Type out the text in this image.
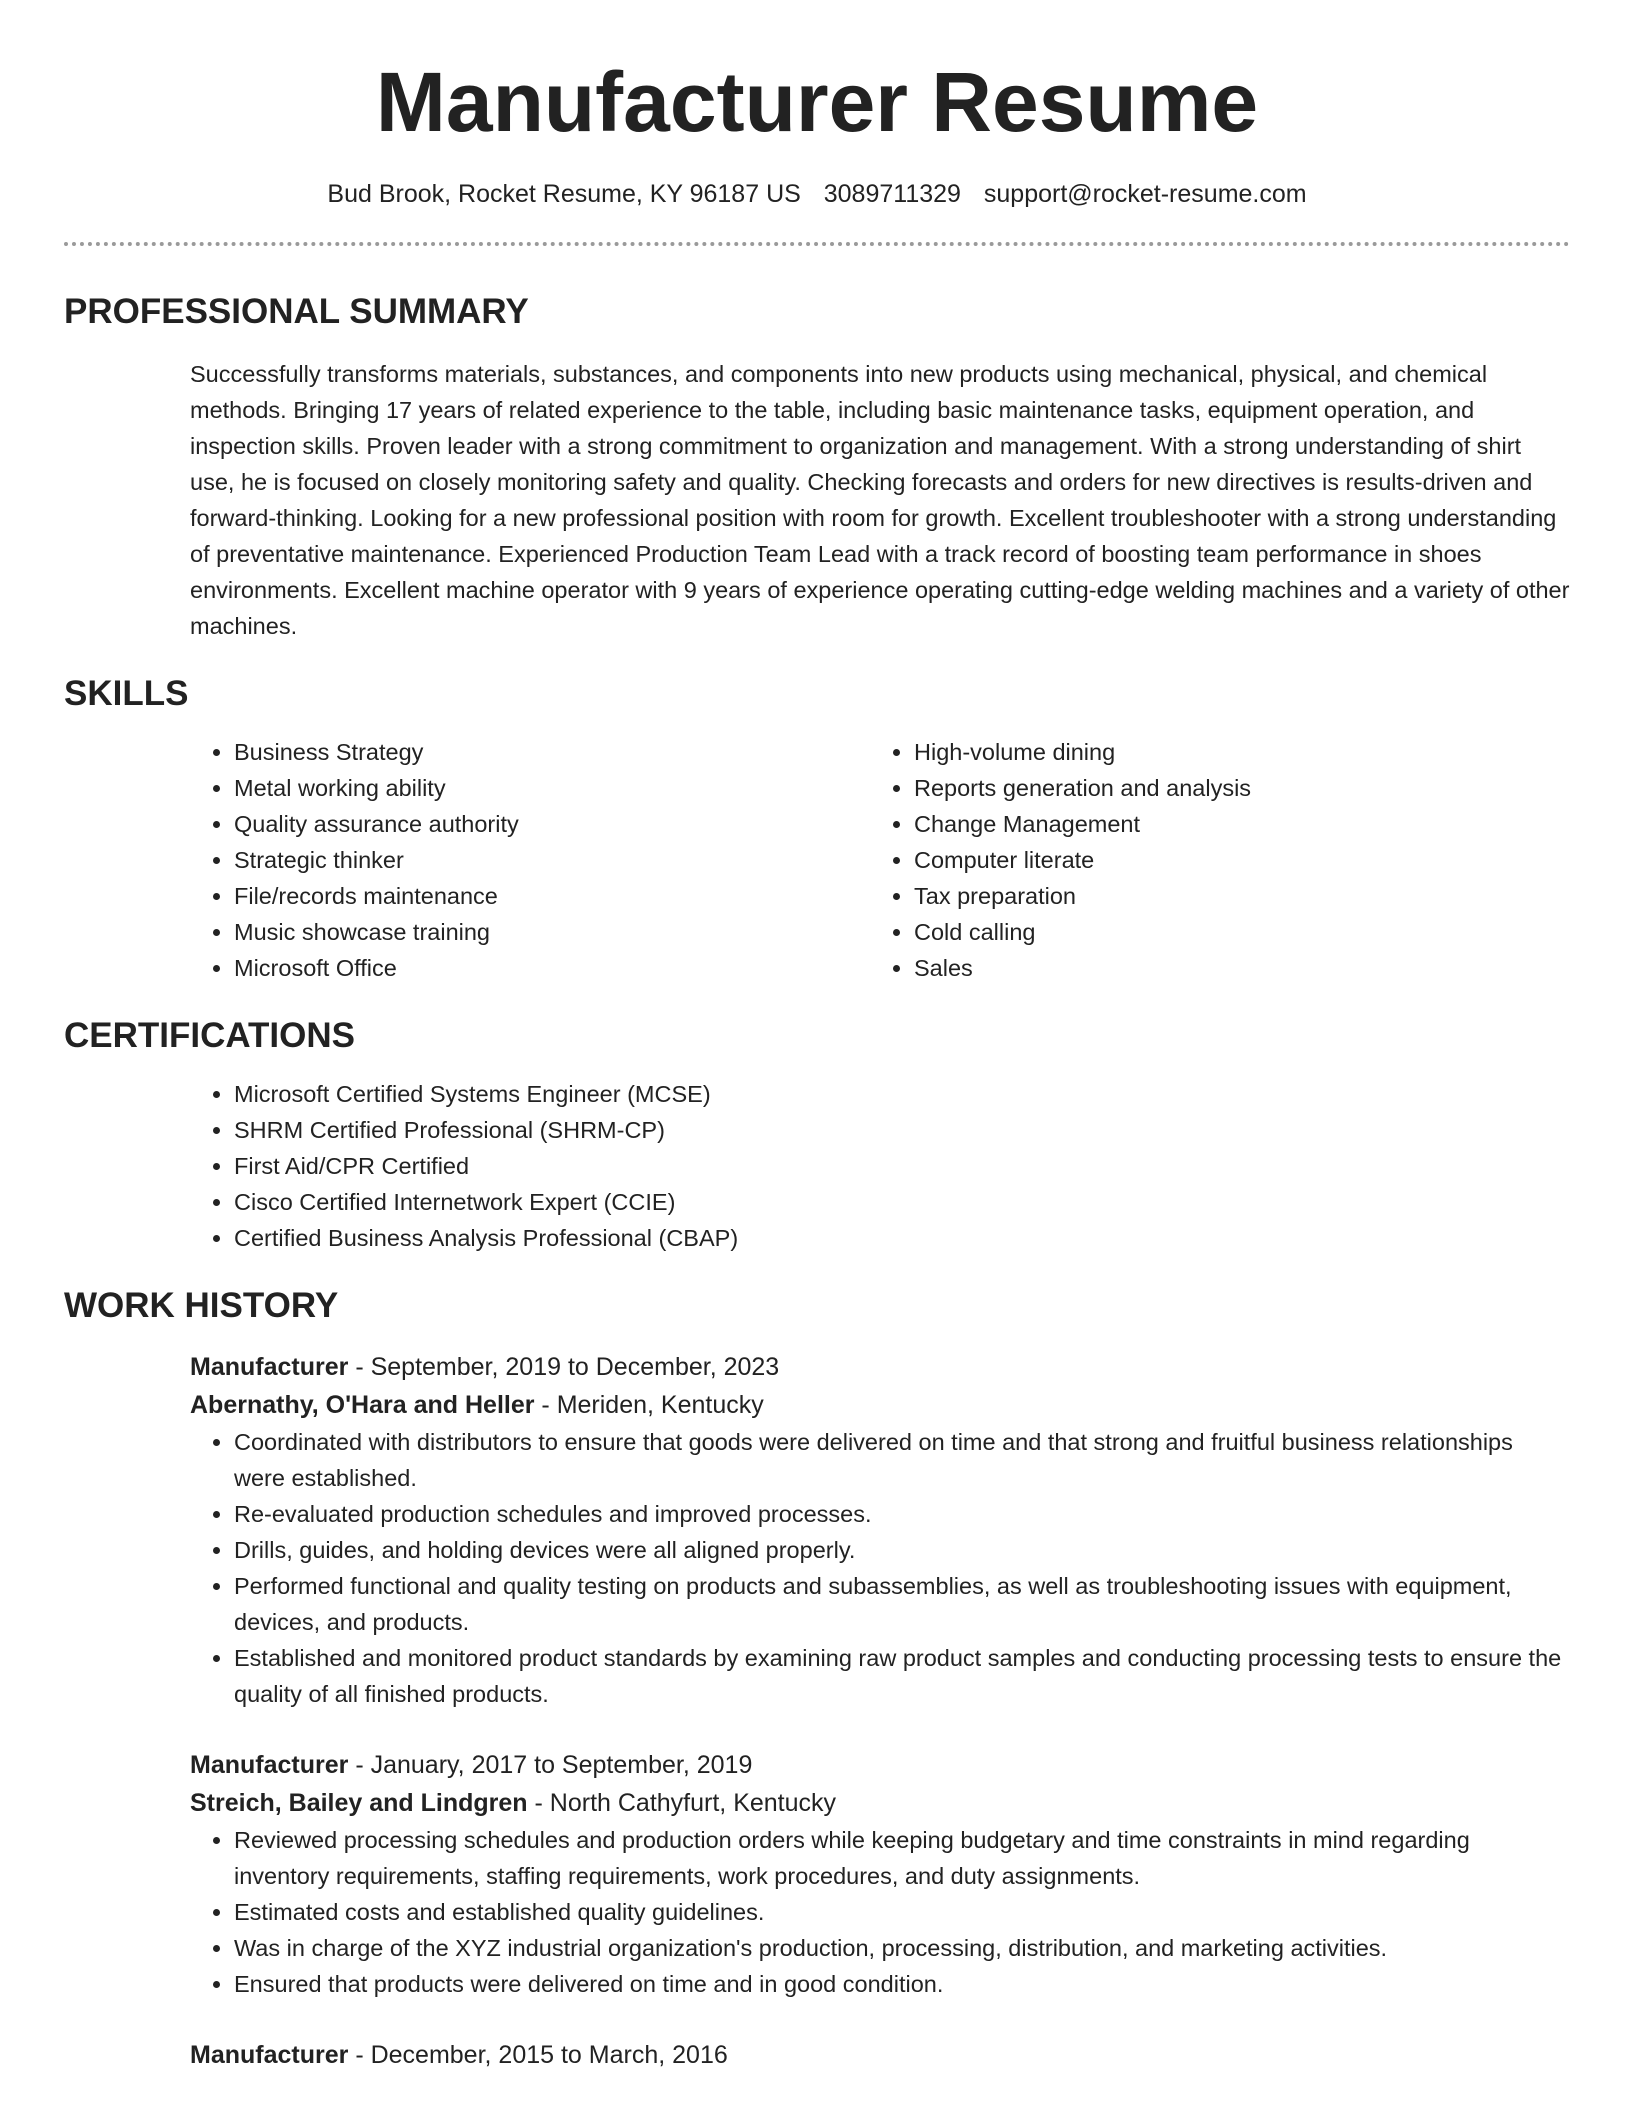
Manufacturer Resume
Bud Brook, Rocket Resume, KY 96187 US 3089711329 support@rocket-resume.com
PROFESSIONAL SUMMARY
Successfully transforms materials, substances, and components into new products using mechanical, physical, and chemical methods. Bringing 17 years of related experience to the table, including basic maintenance tasks, equipment operation, and inspection skills. Proven leader with a strong commitment to organization and management. With a strong understanding of shirt use, he is focused on closely monitoring safety and quality. Checking forecasts and orders for new directives is results-driven and forward-thinking. Looking for a new professional position with room for growth. Excellent troubleshooter with a strong understanding of preventative maintenance. Experienced Production Team Lead with a track record of boosting team performance in shoes environments. Excellent machine operator with 9 years of experience operating cutting-edge welding machines and a variety of other machines.
SKILLS
• Business Strategy
• Metal working ability
• Quality assurance authority
• Strategic thinker
• File/records maintenance
• Music showcase training
• Microsoft Office
• High-volume dining
• Reports generation and analysis
• Change Management
• Computer literate
• Tax preparation
• Cold calling
• Sales
CERTIFICATIONS
• Microsoft Certified Systems Engineer (MCSE)
• SHRM Certified Professional (SHRM-CP)
• First Aid/CPR Certified
• Cisco Certified Internetwork Expert (CCIE)
• Certified Business Analysis Professional (CBAP)
WORK HISTORY
Manufacturer - September, 2019 to December, 2023
Abernathy, O'Hara and Heller - Meriden, Kentucky
• Coordinated with distributors to ensure that goods were delivered on time and that strong and fruitful business relationships were established.
• Re-evaluated production schedules and improved processes.
• Drills, guides, and holding devices were all aligned properly.
• Performed functional and quality testing on products and subassemblies, as well as troubleshooting issues with equipment, devices, and products.
• Established and monitored product standards by examining raw product samples and conducting processing tests to ensure the quality of all finished products.
Manufacturer - January, 2017 to September, 2019
Streich, Bailey and Lindgren - North Cathyfurt, Kentucky
• Reviewed processing schedules and production orders while keeping budgetary and time constraints in mind regarding inventory requirements, staffing requirements, work procedures, and duty assignments.
• Estimated costs and established quality guidelines.
• Was in charge of the XYZ industrial organization's production, processing, distribution, and marketing activities.
• Ensured that products were delivered on time and in good condition.
Manufacturer - December, 2015 to March, 2016
